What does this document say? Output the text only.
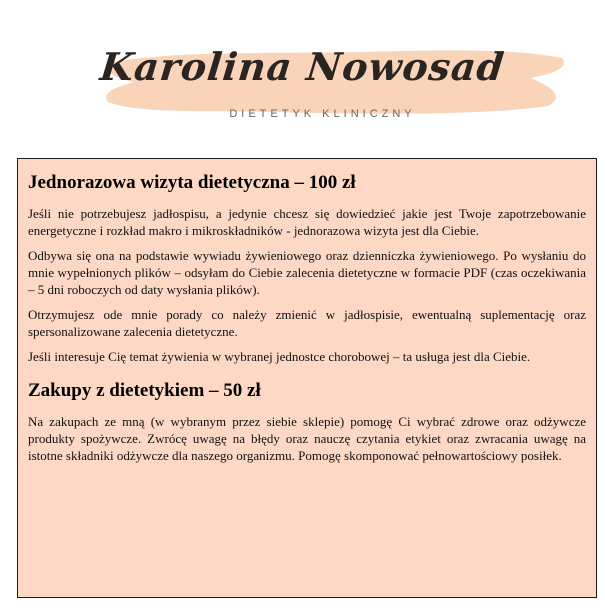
Karolina Nowosad
DIETETYK KLINICZNY
Jednorazowa wizyta dietetyczna – 100 zł

Jeśli nie potrzebujesz jadłospisu, a jedynie chcesz się dowiedzieć jakie jest Twoje zapotrzebowanie energetyczne i rozkład makro i mikroskładników - jednorazowa wizyta jest dla Ciebie.

Odbywa się ona na podstawie wywiadu żywieniowego oraz dzienniczka żywieniowego. Po wysłaniu do mnie wypełnionych plików – odsyłam do Ciebie zalecenia dietetyczne w formacie PDF (czas oczekiwania – 5 dni roboczych od daty wysłania plików).

Otrzymujesz ode mnie porady co należy zmienić w jadłospisie, ewentualną suplementację oraz spersonalizowane zalecenia dietetyczne.

Jeśli interesuje Cię temat żywienia w wybranej jednostce chorobowej – ta usługa jest dla Ciebie.

Zakupy z dietetykiem – 50 zł

Na zakupach ze mną (w wybranym przez siebie sklepie) pomogę Ci wybrać zdrowe oraz odżywcze produkty spożywcze. Zwrócę uwagę na błędy oraz nauczę czytania etykiet oraz zwracania uwagę na istotne składniki odżywcze dla naszego organizmu. Pomogę skomponować pełnowartościowy posiłek.
